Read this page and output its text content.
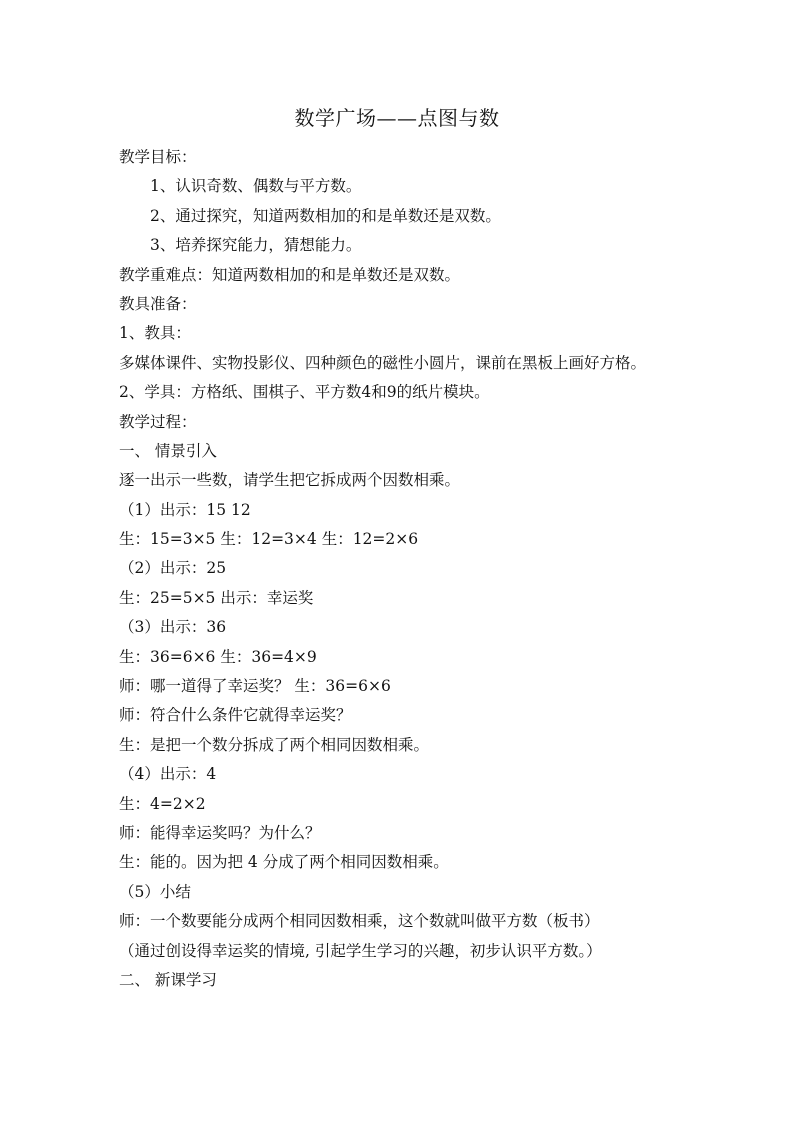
数学广场——点图与数
教学目标：
1、认识奇数、偶数与平方数。
2、通过探究，知道两数相加的和是单数还是双数。
3、培养探究能力，猜想能力。
教学重难点：知道两数相加的和是单数还是双数。
教具准备：
1、教具：
多媒体课件、实物投影仪、四种颜色的磁性小圆片，课前在黑板上画好方格。
2、学具：方格纸、围棋子、平方数4和9的纸片模块。
教学过程：
一、 情景引入
逐一出示一些数，请学生把它拆成两个因数相乘。
（1）出示：15 12
生：15=3×5 生：12=3×4 生：12=2×6
（2）出示：25
生：25=5×5 出示：幸运奖
（3）出示：36
生：36=6×6 生：36=4×9
师：哪一道得了幸运奖？ 生：36=6×6
师：符合什么条件它就得幸运奖？
生：是把一个数分拆成了两个相同因数相乘。
（4）出示：4
生：4=2×2
师：能得幸运奖吗？为什么？
生：能的。因为把 4 分成了两个相同因数相乘。
（5）小结
师：一个数要能分成两个相同因数相乘，这个数就叫做平方数（板书）
（通过创设得幸运奖的情境, 引起学生学习的兴趣，初步认识平方数。）
二、 新课学习
